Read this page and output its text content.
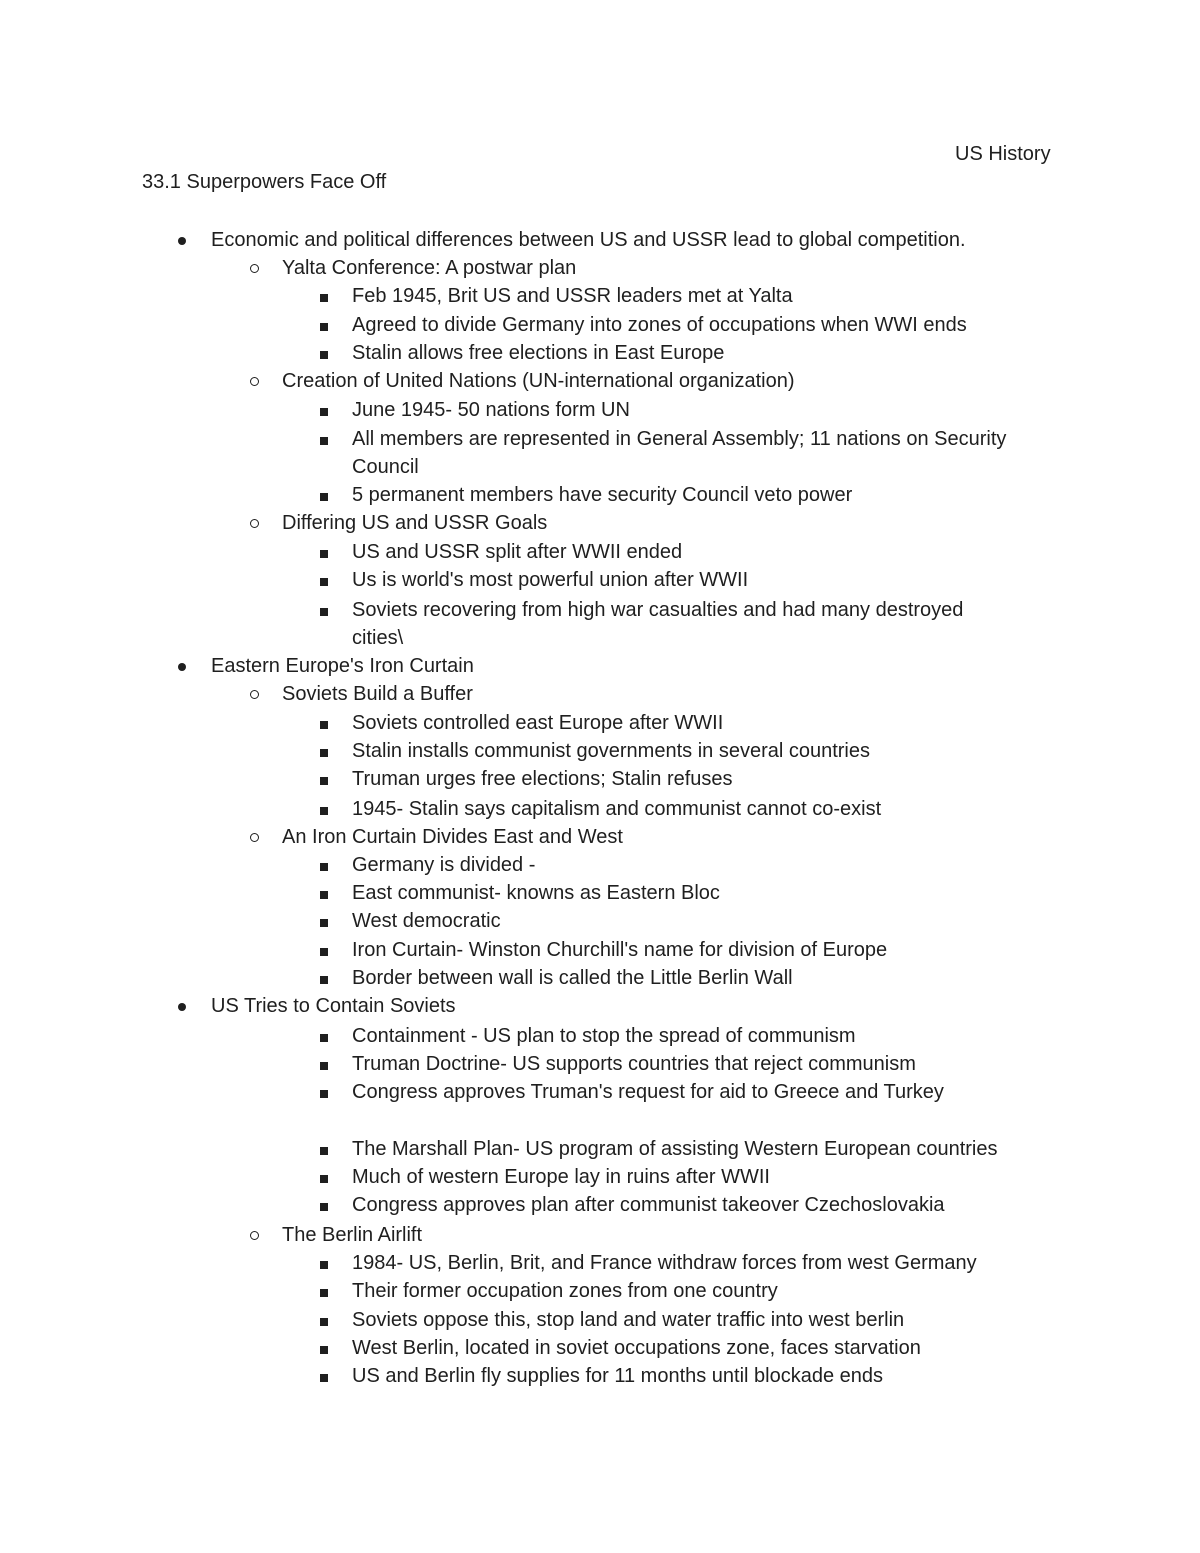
US History
33.1 Superpowers Face Off
Economic and political differences between US and USSR lead to global competition.
Yalta Conference: A postwar plan
Feb 1945, Brit US and USSR leaders met at Yalta
Agreed to divide Germany into zones of occupations when WWI ends
Stalin allows free elections in East Europe
Creation of United Nations (UN-international organization)
June 1945- 50 nations form UN
All members are represented in General Assembly; 11 nations on Security
Council
5 permanent members have security Council veto power
Differing US and USSR Goals
US and USSR split after WWII ended
Us is world's most powerful union after WWII
Soviets recovering from high war casualties and had many destroyed
cities\
Eastern Europe's Iron Curtain
Soviets Build a Buffer
Soviets controlled east Europe after WWII
Stalin installs communist governments in several countries
Truman urges free elections; Stalin refuses
1945- Stalin says capitalism and communist cannot co-exist
An Iron Curtain Divides East and West
Germany is divided -
East communist- knowns as Eastern Bloc
West democratic
Iron Curtain- Winston Churchill's name for division of Europe
Border between wall is called the Little Berlin Wall
US Tries to Contain Soviets
Containment - US plan to stop the spread of communism
Truman Doctrine- US supports countries that reject communism
Congress approves Truman's request for aid to Greece and Turkey
The Marshall Plan- US program of assisting Western European countries
Much of western Europe lay in ruins after WWII
Congress approves plan after communist takeover Czechoslovakia
The Berlin Airlift
1984- US, Berlin, Brit, and France withdraw forces from west Germany
Their former occupation zones from one country
Soviets oppose this, stop land and water traffic into west berlin
West Berlin, located in soviet occupations zone, faces starvation
US and Berlin fly supplies for 11 months until blockade ends
